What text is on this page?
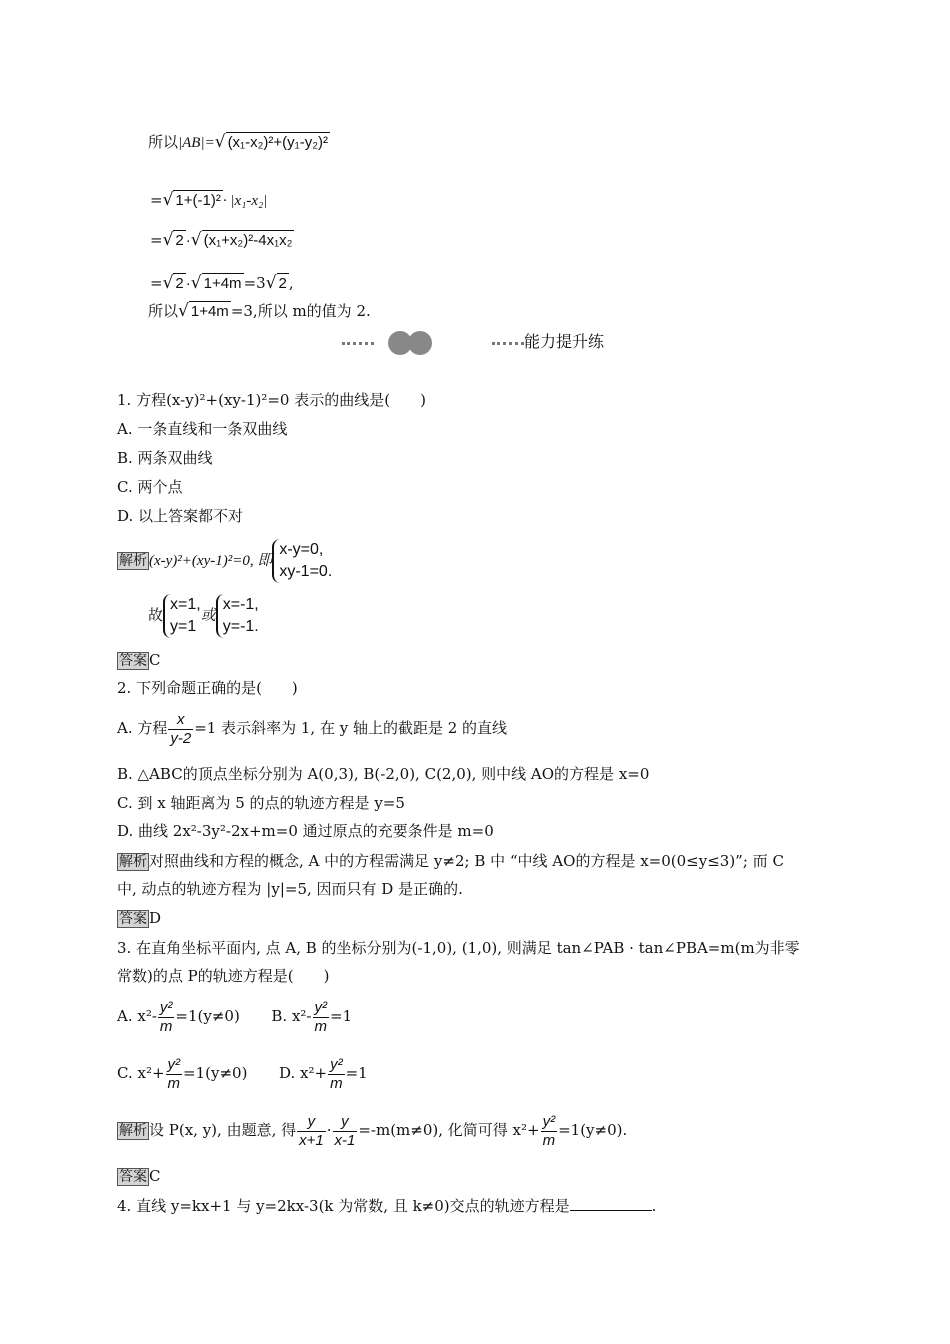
所以|AB|=√ (x₁-x₂)²+(y₁-y₂)²
=√ 1+(-1)² · |x₁-x₂|
=√ 2 ·√ (x₁+x₂)²-4x₁x₂
=√ 2 ·√ 1+4m =3√ 2 ,
所以√ 1+4m =3,所以 m的值为 2.
能力提升练
1. 方程(x-y)²+(xy-1)²=0 表示的曲线是(　　)
A. 一条直线和一条双曲线
B. 两条双曲线
C. 两个点
D. 以上答案都不对
解析 (x-y)²+(xy-1)²=0, 即
x-y=0,
xy-1=0.
故
x=1,
y=1
或
x=-1,
y=-1.
答案 C
2. 下列命题正确的是(　　)
A. 方程 $\frac{x}{y-2} =1$ 表示斜率为 1, 在 y 轴上的截距是 2 的直线
B. △ABC的顶点坐标分别为 A(0,3), B(-2,0), C(2,0), 则中线 AO的方程是 x=0
C. 到 x 轴距离为 5 的点的轨迹方程是 y=5
D. 曲线 2x²-3y²-2x+m=0 通过原点的充要条件是 m=0
解析 对照曲线和方程的概念, A 中的方程需满足 y≠2; B 中 “中线 AO的方程是 x=0(0≤y≤3)”; 而 C
中, 动点的轨迹方程为 |y|=5, 因而只有 D 是正确的.
答案 D
3. 在直角坐标平面内, 点 A, B 的坐标分别为(-1,0), (1,0), 则满足 tan∠PAB · tan∠PBA=m(m为非零
常数)的点 P的轨迹方程是(　　)
A. $x^2- \frac{\text{y²}}{m} =1(y\ne 0)$ B. $x^2- \frac{\text{y²}}{m} =1$
C. $x^2+ \frac{\text{y²}}{m} =1(y\ne 0)$ D. $x^2+ \frac{\text{y²}}{m} =1$
解析 设 P(x, y), 由题意, 得 $\frac{y}{x+1} \cdot \frac{y}{x-1} =-m(m\ne 0)$, 化简可得 $x^2+ \frac{\text{y²}}{m} =1(y\ne 0)$.
答案 C
4. 直线 y=kx+1 与 y=2kx-3(k 为常数, 且 k≠0)交点的轨迹方程是	.
